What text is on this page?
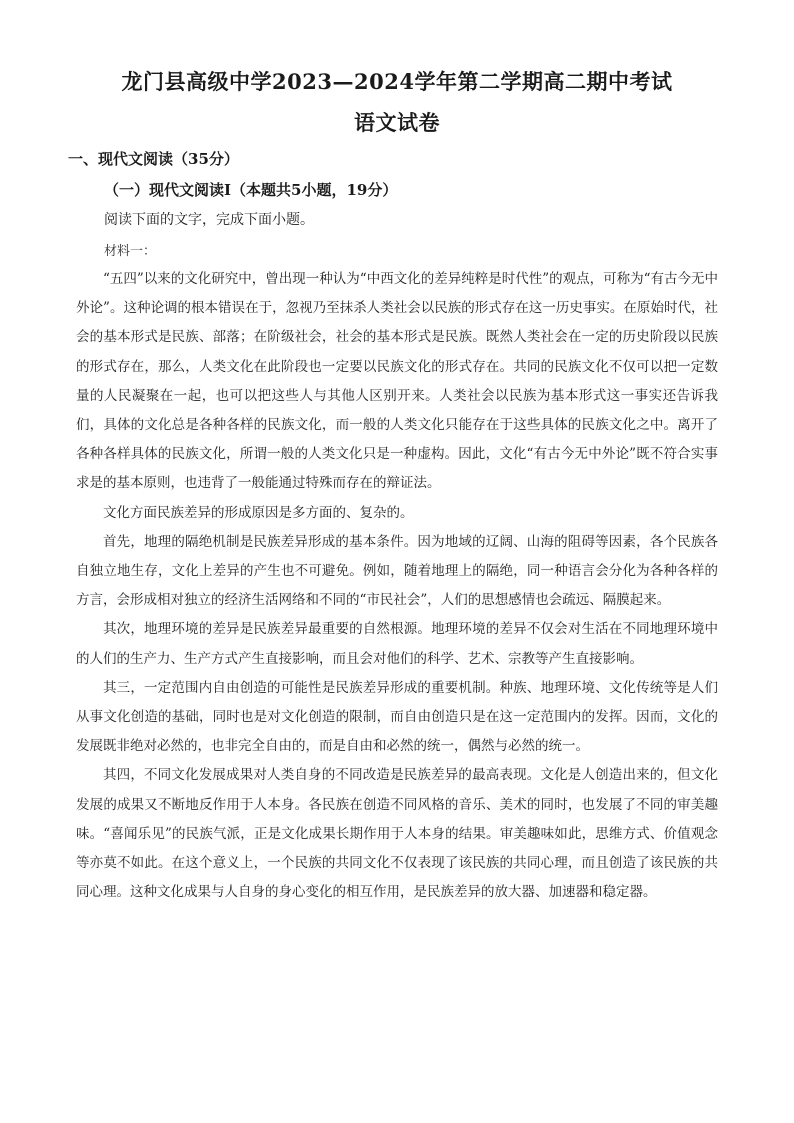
龙门县高级中学2023—2024学年第二学期高二期中考试
语文试卷
一、现代文阅读（35分）
（一）现代文阅读Ⅰ（本题共5小题，19分）
阅读下面的文字，完成下面小题。
材料一：

“五四”以来的文化研究中，曾出现一种认为“中西文化的差异纯粹是时代性”的观点，可称为“有古今无中外论”。这种论调的根本错误在于，忽视乃至抹杀人类社会以民族的形式存在这一历史事实。在原始时代，社会的基本形式是民族、部落；在阶级社会，社会的基本形式是民族。既然人类社会在一定的历史阶段以民族的形式存在，那么，人类文化在此阶段也一定要以民族文化的形式存在。共同的民族文化不仅可以把一定数量的人民凝聚在一起，也可以把这些人与其他人区别开来。人类社会以民族为基本形式这一事实还告诉我们，具体的文化总是各种各样的民族文化，而一般的人类文化只能存在于这些具体的民族文化之中。离开了各种各样具体的民族文化，所谓一般的人类文化只是一种虚构。因此，文化“有古今无中外论”既不符合实事求是的基本原则，也违背了一般能通过特殊而存在的辩证法。

文化方面民族差异的形成原因是多方面的、复杂的。

首先，地理的隔绝机制是民族差异形成的基本条件。因为地域的辽阔、山海的阻碍等因素，各个民族各自独立地生存，文化上差异的产生也不可避免。例如，随着地理上的隔绝，同一种语言会分化为各种各样的方言，会形成相对独立的经济生活网络和不同的“市民社会”，人们的思想感情也会疏远、隔膜起来。

其次，地理环境的差异是民族差异最重要的自然根源。地理环境的差异不仅会对生活在不同地理环境中的人们的生产力、生产方式产生直接影响，而且会对他们的科学、艺术、宗教等产生直接影响。

其三，一定范围内自由创造的可能性是民族差异形成的重要机制。种族、地理环境、文化传统等是人们从事文化创造的基础，同时也是对文化创造的限制，而自由创造只是在这一定范围内的发挥。因而，文化的发展既非绝对必然的，也非完全自由的，而是自由和必然的统一，偶然与必然的统一。

其四，不同文化发展成果对人类自身的不同改造是民族差异的最高表现。文化是人创造出来的，但文化发展的成果又不断地反作用于人本身。各民族在创造不同风格的音乐、美术的同时，也发展了不同的审美趣味。“喜闻乐见”的民族气派，正是文化成果长期作用于人本身的结果。审美趣味如此，思维方式、价值观念等亦莫不如此。在这个意义上，一个民族的共同文化不仅表现了该民族的共同心理，而且创造了该民族的共同心理。这种文化成果与人自身的身心变化的相互作用，是民族差异的放大器、加速器和稳定器。
